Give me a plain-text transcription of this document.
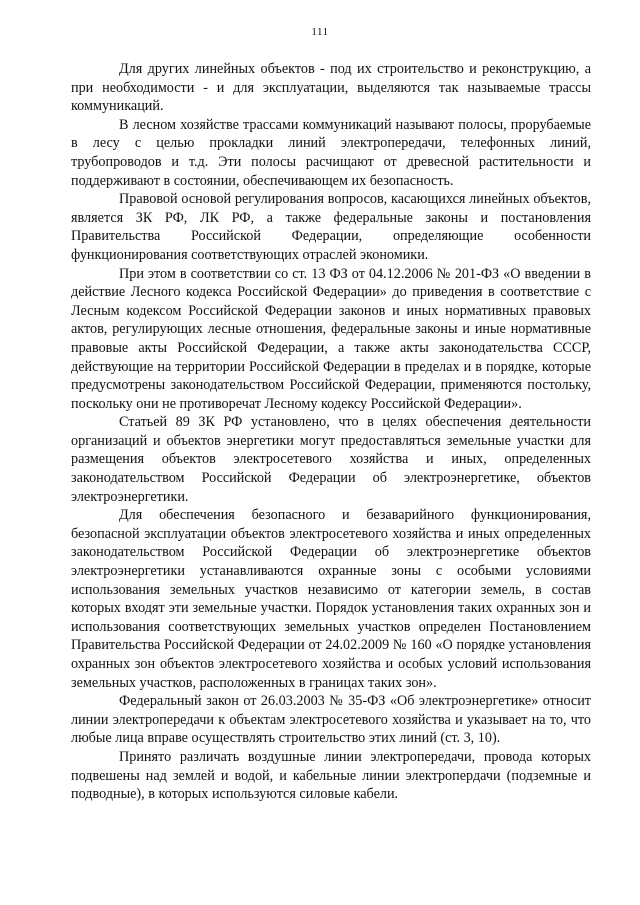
111

Для других линейных объектов - под их строительство и реконструкцию, а при необходимости - и для эксплуатации, выделяются так называемые трассы коммуникаций.

В лесном хозяйстве трассами коммуникаций называют полосы, прорубаемые в лесу с целью прокладки линий электропередачи, телефонных линий, трубопроводов и т.д. Эти полосы расчищают от древесной растительности и поддерживают в состоянии, обеспечивающем их безопасность.

Правовой основой регулирования вопросов, касающихся линейных объектов, является ЗК РФ, ЛК РФ, а также федеральные законы и постановления Правительства Российской Федерации, определяющие особенности функционирования соответствующих отраслей экономики.

При этом в соответствии со ст. 13 ФЗ от 04.12.2006 № 201-ФЗ «О введении в действие Лесного кодекса Российской Федерации» до приведения в соответствие с Лесным кодексом Российской Федерации законов и иных нормативных правовых актов, регулирующих лесные отношения, федеральные законы и иные нормативные правовые акты Российской Федерации, а также акты законодательства СССР, действующие на территории Российской Федерации в пределах и в порядке, которые предусмотрены законодательством Российской Федерации, применяются постольку, поскольку они не противоречат Лесному кодексу Российской Федерации».

Статьей 89 ЗК РФ установлено, что в целях обеспечения деятельности организаций и объектов энергетики могут предоставляться земельные участки для размещения объектов электросетевого хозяйства и иных, определенных законодательством Российской Федерации об электроэнергетике, объектов электроэнергетики.

Для обеспечения безопасного и безаварийного функционирования, безопасной эксплуатации объектов электросетевого хозяйства и иных определенных законодательством Российской Федерации об электроэнергетике объектов электроэнергетики устанавливаются охранные зоны с особыми условиями использования земельных участков независимо от категории земель, в состав которых входят эти земельные участки. Порядок установления таких охранных зон и использования соответствующих земельных участков определен Постановлением Правительства Российской Федерации от 24.02.2009 № 160 «О порядке установления охранных зон объектов электросетевого хозяйства и особых условий использования земельных участков, расположенных в границах таких зон».

Федеральный закон от 26.03.2003 № 35-ФЗ «Об электроэнергетике» относит линии электропередачи к объектам электросетевого хозяйства и указывает на то, что любые лица вправе осуществлять строительство этих линий (ст. 3, 10).

Принято различать воздушные линии электропередачи, провода которых подвешены над землей и водой, и кабельные линии электропердачи (подземные и подводные), в которых используются силовые кабели.
